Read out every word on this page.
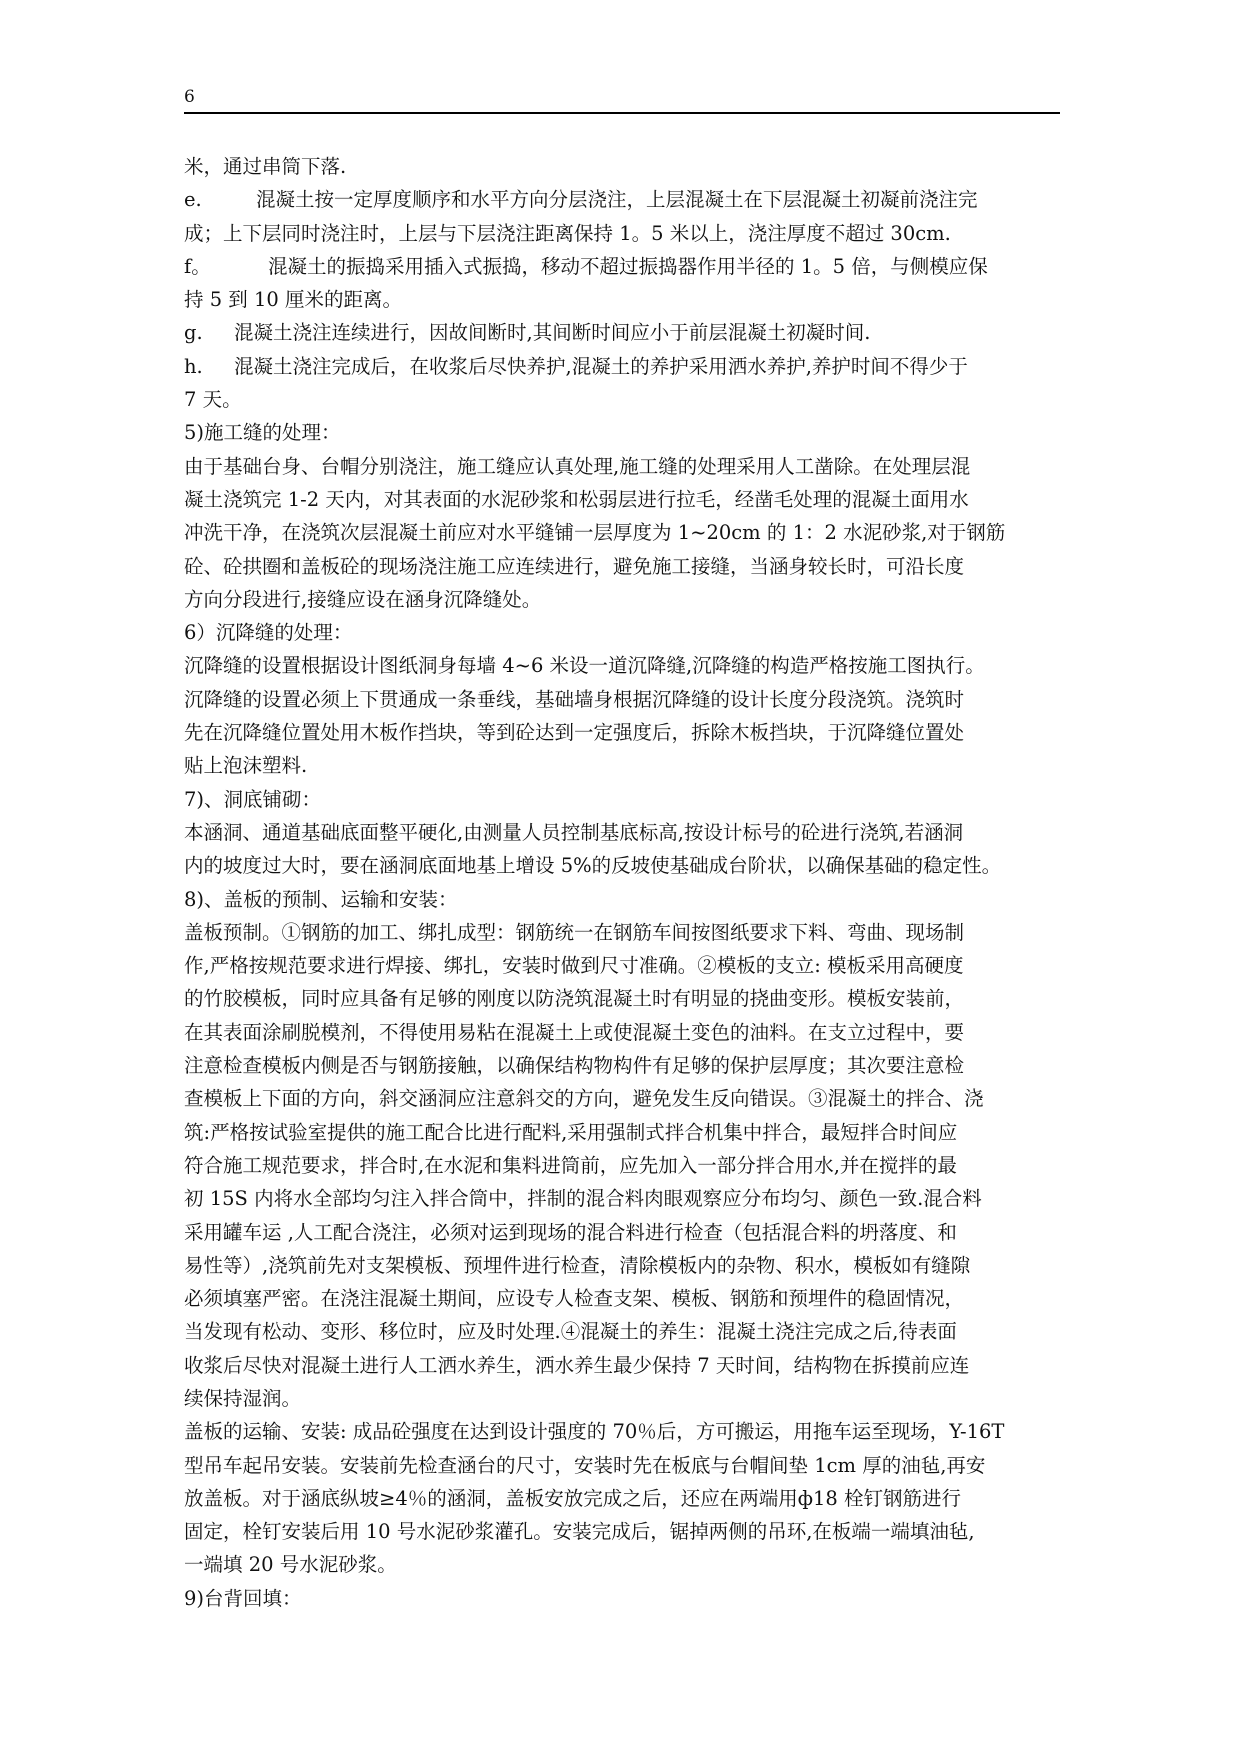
6
米，通过串筒下落.
e.	混凝土按一定厚度顺序和水平方向分层浇注，上层混凝土在下层混凝土初凝前浇注完
成；上下层同时浇注时，上层与下层浇注距离保持 1。5 米以上，浇注厚度不超过 30cm.
f。	混凝土的振捣采用插入式振捣，移动不超过振捣器作用半径的 1。5 倍，与侧模应保
持 5 到 10 厘米的距离。
g. 混凝土浇注连续进行，因故间断时,其间断时间应小于前层混凝土初凝时间.
h. 混凝土浇注完成后，在收浆后尽快养护,混凝土的养护采用洒水养护,养护时间不得少于
7 天。
5)施工缝的处理：
由于基础台身、台帽分别浇注，施工缝应认真处理,施工缝的处理采用人工凿除。在处理层混
凝土浇筑完 1-2 天内，对其表面的水泥砂浆和松弱层进行拉毛，经凿毛处理的混凝土面用水
冲洗干净，在浇筑次层混凝土前应对水平缝铺一层厚度为 1~20cm 的 1：2 水泥砂浆,对于钢筋
砼、砼拱圈和盖板砼的现场浇注施工应连续进行，避免施工接缝，当涵身较长时，可沿长度
方向分段进行,接缝应设在涵身沉降缝处。
6）沉降缝的处理：
沉降缝的设置根据设计图纸洞身每墙 4~6 米设一道沉降缝,沉降缝的构造严格按施工图执行。
沉降缝的设置必须上下贯通成一条垂线，基础墙身根据沉降缝的设计长度分段浇筑。浇筑时
先在沉降缝位置处用木板作挡块，等到砼达到一定强度后，拆除木板挡块，于沉降缝位置处
贴上泡沫塑料.
7)、洞底铺砌：
本涵洞、通道基础底面整平硬化,由测量人员控制基底标高,按设计标号的砼进行浇筑,若涵洞
内的坡度过大时，要在涵洞底面地基上增设 5%的反坡使基础成台阶状，以确保基础的稳定性。
8)、盖板的预制、运输和安装：
盖板预制。①钢筋的加工、绑扎成型：钢筋统一在钢筋车间按图纸要求下料、弯曲、现场制
作,严格按规范要求进行焊接、绑扎，安装时做到尺寸准确。②模板的支立: 模板采用高硬度
的竹胶模板，同时应具备有足够的刚度以防浇筑混凝土时有明显的挠曲变形。模板安装前，
在其表面涂刷脱模剂，不得使用易粘在混凝土上或使混凝土变色的油料。在支立过程中，要
注意检查模板内侧是否与钢筋接触，以确保结构物构件有足够的保护层厚度；其次要注意检
查模板上下面的方向，斜交涵洞应注意斜交的方向，避免发生反向错误。③混凝土的拌合、浇
筑:严格按试验室提供的施工配合比进行配料,采用强制式拌合机集中拌合，最短拌合时间应
符合施工规范要求，拌合时,在水泥和集料进筒前，应先加入一部分拌合用水,并在搅拌的最
初 15S 内将水全部均匀注入拌合筒中，拌制的混合料肉眼观察应分布均匀、颜色一致.混合料
采用罐车运 ,人工配合浇注，必须对运到现场的混合料进行检查（包括混合料的坍落度、和
易性等）,浇筑前先对支架模板、预埋件进行检查，清除模板内的杂物、积水，模板如有缝隙
必须填塞严密。在浇注混凝土期间，应设专人检查支架、模板、钢筋和预埋件的稳固情况，
当发现有松动、变形、移位时，应及时处理.④混凝土的养生：混凝土浇注完成之后,待表面
收浆后尽快对混凝土进行人工洒水养生，洒水养生最少保持 7 天时间，结构物在拆摸前应连
续保持湿润。
盖板的运输、安装: 成品砼强度在达到设计强度的 70％后，方可搬运，用拖车运至现场，Y-16T
型吊车起吊安装。安装前先检查涵台的尺寸，安装时先在板底与台帽间垫 1cm 厚的油毡,再安
放盖板。对于涵底纵坡≥4％的涵洞，盖板安放完成之后，还应在两端用ф18 栓钉钢筋进行
固定，栓钉安装后用 10 号水泥砂浆灌孔。安装完成后，锯掉两侧的吊环,在板端一端填油毡,
一端填 20 号水泥砂浆。
9)台背回填：
